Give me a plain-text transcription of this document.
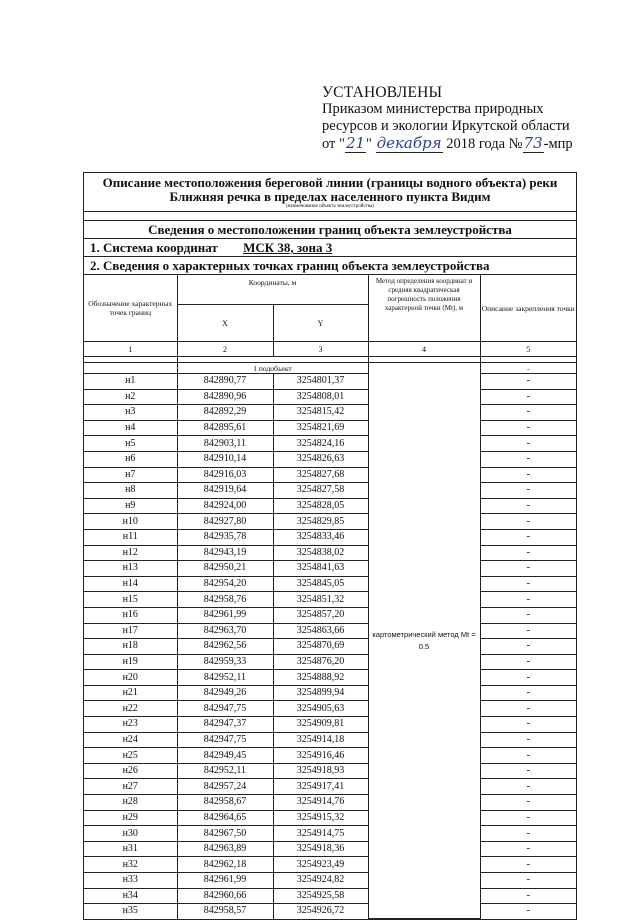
УСТАНОВЛЕНЫ
Приказом министерства природных
ресурсов и экологии Иркутской области
от "21" декабря 2018 года №73-мпр
Описание местоположения береговой линии (границы водного объекта) реки
Ближняя речка в пределах населенного пункта Видим
(наименование объекта землеустройства)
Сведения о местоположении границ объекта землеустройства
1. Система координат МСК 38, зона 3
2. Сведения о характерных точках границ объекта землеустройства
Обозначение характерных точек границ	Координаты, м		Метод определения координат и средняя квадратическая погрешность положения характерной точки (Мt), м	Описание закрепления точки
	X	Y		
1	2	3	4	5

	1 подобъект		картометрический метод Мt = 0.5	-
н1	842890,77	3254801,37		-
н2	842890,96	3254808,01		-
н3	842892,29	3254815,42		-
н4	842895,61	3254821,69		-
н5	842903,11	3254824,16		-
н6	842910,14	3254826,63		-
н7	842916,03	3254827,68		-
н8	842919,64	3254827,58		-
н9	842924,00	3254828,05		-
н10	842927,80	3254829,85		-
н11	842935,78	3254833,46		-
н12	842943,19	3254838,02		-
н13	842950,21	3254841,63		-
н14	842954,20	3254845,05		-
н15	842958,76	3254851,32		-
н16	842961,99	3254857,20		-
н17	842963,70	3254863,66		-
н18	842962,56	3254870,69		-
н19	842959,33	3254876,20		-
н20	842952,11	3254888,92		-
н21	842949,26	3254899,94		-
н22	842947,75	3254905,63		-
н23	842947,37	3254909,81		-
н24	842947,75	3254914,18		-
н25	842949,45	3254916,46		-
н26	842952,11	3254918,93		-
н27	842957,24	3254917,41		-
н28	842958,67	3254914,76		-
н29	842964,65	3254915,32		-
н30	842967,50	3254914,75		-
н31	842963,89	3254918,36		-
н32	842962,18	3254923,49		-
н33	842961,99	3254924,82		-
н34	842960,66	3254925,58		-
н35	842958,57	3254926,72		-
